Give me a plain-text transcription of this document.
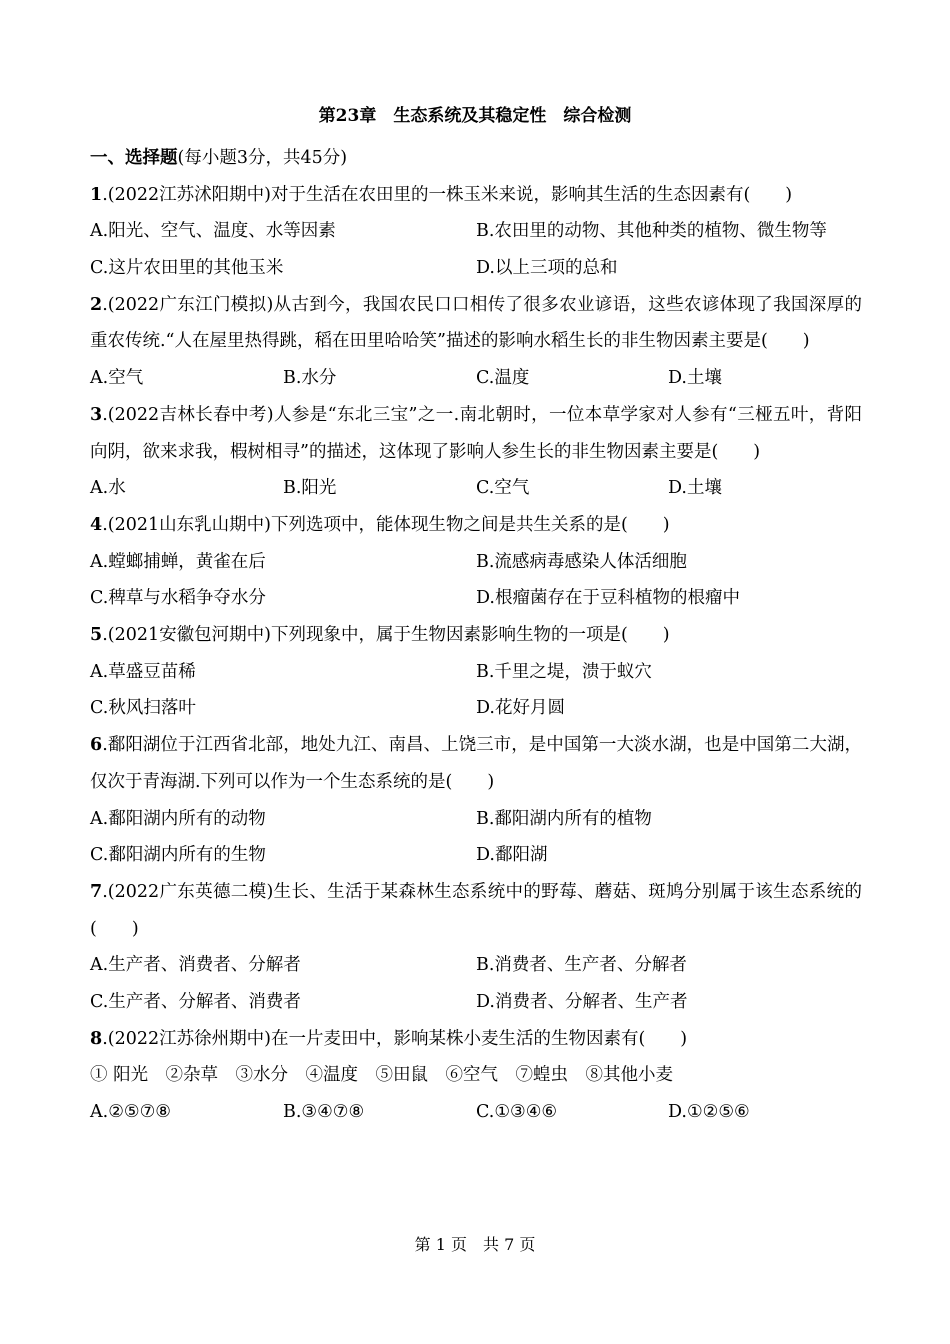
第23章　生态系统及其稳定性　综合检测
一、选择题(每小题3分，共45分)
1.(2022江苏沭阳期中)对于生活在农田里的一株玉米来说，影响其生活的生态因素有(　　)
A.阳光、空气、温度、水等因素	B.农田里的动物、其他种类的植物、微生物等
C.这片农田里的其他玉米	D.以上三项的总和
2.(2022广东江门模拟)从古到今，我国农民口口相传了很多农业谚语，这些农谚体现了我国深厚的重农传统.“人在屋里热得跳，稻在田里哈哈笑”描述的影响水稻生长的非生物因素主要是(　　)
A.空气	B.水分	C.温度	D.土壤
3.(2022吉林长春中考)人参是“东北三宝”之一.南北朝时，一位本草学家对人参有“三桠五叶，背阳向阴，欲来求我，椵树相寻”的描述，这体现了影响人参生长的非生物因素主要是(　　)
A.水	B.阳光	C.空气	D.土壤
4.(2021山东乳山期中)下列选项中，能体现生物之间是共生关系的是(　　)
A.螳螂捕蝉，黄雀在后	B.流感病毒感染人体活细胞
C.稗草与水稻争夺水分	D.根瘤菌存在于豆科植物的根瘤中
5.(2021安徽包河期中)下列现象中，属于生物因素影响生物的一项是(　　)
A.草盛豆苗稀	B.千里之堤，溃于蚁穴
C.秋风扫落叶	D.花好月圆
6.鄱阳湖位于江西省北部，地处九江、南昌、上饶三市，是中国第一大淡水湖，也是中国第二大湖，仅次于青海湖.下列可以作为一个生态系统的是(　　)
A.鄱阳湖内所有的动物	B.鄱阳湖内所有的植物
C.鄱阳湖内所有的生物	D.鄱阳湖
7.(2022广东英德二模)生长、生活于某森林生态系统中的野莓、蘑菇、斑鸠分别属于该生态系统的(　　)
A.生产者、消费者、分解者	B.消费者、生产者、分解者
C.生产者、分解者、消费者	D.消费者、分解者、生产者
8.(2022江苏徐州期中)在一片麦田中，影响某株小麦生活的生物因素有(　　)
① 阳光　②杂草　③水分　④温度　⑤田鼠　⑥空气　⑦蝗虫　⑧其他小麦
A.②⑤⑦⑧	B.③④⑦⑧	C.①③④⑥	D.①②⑤⑥
第 1 页　共 7 页
